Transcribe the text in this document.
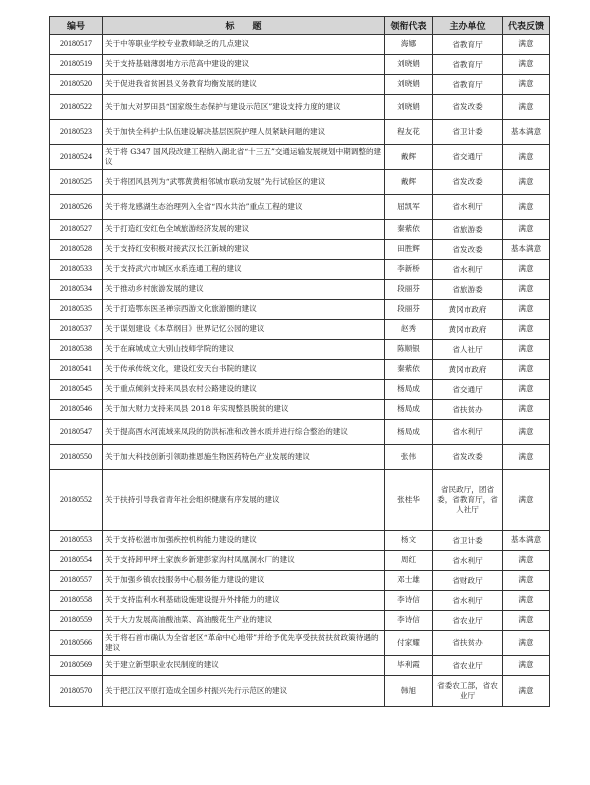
编号	标　　题	领衔代表	主办单位	代表反馈
20180517	关于中等职业学校专业教师缺乏的几点建议	海娜	省教育厅	满意
20180519	关于支持基础薄弱地方示范高中建设的建议	刘晓娟	省教育厅	满意
20180520	关于促进我省贫困县义务教育均衡发展的建议	刘晓娟	省教育厅	满意
20180522	关于加大对罗田县“国家级生态保护与建设示范区”建设支持力度的建议	刘晓娟	省发改委	满意
20180523	关于加快全科护士队伍建设解决基层医院护理人员紧缺问题的建议	程友花	省卫计委	基本满意
20180524	关于将 G347 国风段改建工程纳入湖北省“十三五”交通运输发展规划中期调整的建议	戴辉	省交通厅	满意
20180525	关于将团风县列为“武鄂黄黄相邻城市联动发展”先行试验区的建议	戴辉	省发改委	满意
20180526	关于将龙感湖生态治理列入全省“四水共治”重点工程的建议	屈凯军	省水利厅	满意
20180527	关于打造红安红色全域旅游经济发展的建议	秦紫依	省旅游委	满意
20180528	关于支持红安积极对接武汉长江新城的建议	田胜辉	省发改委	基本满意
20180533	关于支持武穴市城区水系连通工程的建议	李新桥	省水利厅	满意
20180534	关于推动乡村旅游发展的建议	段丽芬	省旅游委	满意
20180535	关于打造鄂东医圣禅宗西游文化旅游圈的建议	段丽芬	黄冈市政府	满意
20180537	关于谋划建设《本草纲目》世界记忆公园的建议	赵秀	黄冈市政府	满意
20180538	关于在麻城成立大别山技师学院的建议	陈顺银	省人社厅	满意
20180541	关于传承传统文化，建设红安天台书院的建议	秦紫依	黄冈市政府	满意
20180545	关于重点倾斜支持来凤县农村公路建设的建议	杨局成	省交通厅	满意
20180546	关于加大财力支持来凤县 2018 年实现整县脱贫的建议	杨局成	省扶贫办	满意
20180547	关于提高酉水河流域来凤段的防洪标准和改善水质并进行综合整治的建议	杨局成	省水利厅	满意
20180550	关于加大科技创新引领助推恩施生物医药特色产业发展的建议	张伟	省发改委	满意
20180552	关于扶持引导我省青年社会组织健康有序发展的建议	张桂华	省民政厅，团省委，省教育厅，省人社厅	满意
20180553	关于支持松滋市加强疾控机构能力建设的建议	杨文	省卫计委	基本满意
20180554	关于支持卸甲坪土家族乡新建彭家沟村凤凰洞水厂的建议	周红	省水利厅	满意
20180557	关于加强乡镇农技服务中心服务能力建设的建议	邓士雄	省财政厅	满意
20180558	关于支持监利水利基础设施建设提升外排能力的建议	李诗信	省水利厅	满意
20180559	关于大力发展高油酸油菜、高油酸花生产业的建议	李诗信	省农业厅	满意
20180566	关于将石首市确认为全省老区“革命中心地带”并给予优先享受扶贫扶贫政策待遇的建议	付家耀	省扶贫办	满意
20180569	关于建立新型职业农民制度的建议	毕利霞	省农业厅	满意
20180570	关于把江汉平原打造成全国乡村振兴先行示范区的建议	韩旭	省委农工部，省农业厅	满意
